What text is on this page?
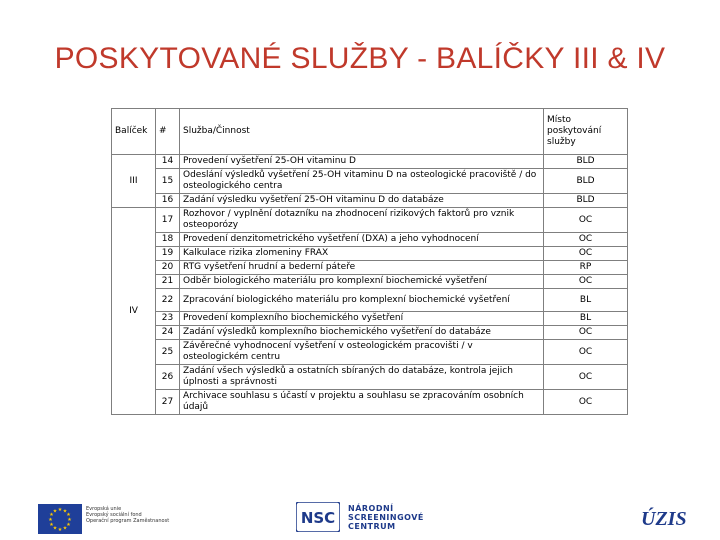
POSKYTOVANÉ SLUŽBY - BALÍČKY III & IV
Balíček	#	Služba/Činnost	Místo poskytování služby
III	14	Provedení vyšetření 25-OH vitaminu D	BLD
	15	Odeslání výsledků vyšetření 25-OH vitaminu D na osteologické pracoviště / do osteologického centra	BLD
	16	Zadání výsledku vyšetření 25-OH vitaminu D do databáze	BLD
IV	17	Rozhovor / vyplnění dotazníku na zhodnocení rizikových faktorů pro vznik osteoporózy	OC
	18	Provedení denzitometrického vyšetření (DXA) a jeho vyhodnocení	OC
	19	Kalkulace rizika zlomeniny FRAX	OC
	20	RTG vyšetření hrudní a bederní páteře	RP
	21	Odběr biologického materiálu pro komplexní biochemické vyšetření	OC
	22	Zpracování biologického materiálu pro komplexní biochemické vyšetření	BL
	23	Provedení komplexního biochemického vyšetření	BL
	24	Zadání výsledků komplexního biochemického vyšetření do databáze	OC
	25	Závěrečné vyhodnocení vyšetření v osteologickém pracovišti / v osteologickém centru	OC
	26	Zadání všech výsledků a ostatních sbíraných do databáze, kontrola jejich úplnosti a správnosti	OC
	27	Archivace souhlasu s účastí v projektu a souhlasu se zpracováním osobních údajů	OC
★ ★
★
★
★
★
★
★
★
★
★
★	Evropská unie
Evropský sociální fond
Operační program Zaměstnanost	NSC
NÁRODNÍ
SCREENINGOVÉ
CENTRUM	ÚZIS
